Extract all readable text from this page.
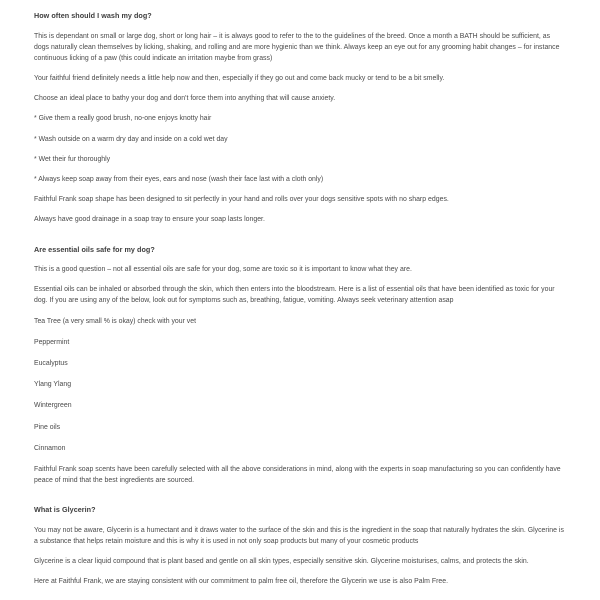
How often should I wash my dog?

This is dependant on small or large dog, short or long hair – it is always good to refer to the to the guidelines of the breed. Once a month a BATH should be sufficient, as dogs naturally clean themselves by licking, shaking, and rolling and are more hygienic than we think. Always keep an eye out for any grooming habit changes – for instance continuous licking of a paw (this could indicate an irritation maybe from grass)

Your faithful friend definitely needs a little help now and then, especially if they go out and come back mucky or tend to be a bit smelly.

Choose an ideal place to bathy your dog and don't force them into anything that will cause anxiety.

* Give them a really good brush, no-one enjoys knotty hair

* Wash outside on a warm dry day and inside on a cold wet day

* Wet their fur thoroughly

* Always keep soap away from their eyes, ears and nose (wash their face last with a cloth only)

Faithful Frank soap shape has been designed to sit perfectly in your hand and rolls over your dogs sensitive spots with no sharp edges.

Always have good drainage in a soap tray to ensure your soap lasts longer.

Are essential oils safe for my dog?

This is a good question – not all essential oils are safe for your dog, some are toxic so it is important to know what they are.

Essential oils can be inhaled or absorbed through the skin, which then enters into the bloodstream. Here is a list of essential oils that have been identified as toxic for your dog. If you are using any of the below, look out for symptoms such as, breathing, fatigue, vomiting. Always seek veterinary attention asap

Tea Tree (a very small % is okay) check with your vet

Peppermint

Eucalyptus

Ylang Ylang

Wintergreen

Pine oils

Cinnamon

Faithful Frank soap scents have been carefully selected with all the above considerations in mind, along with the experts in soap manufacturing so you can confidently have peace of mind that the best ingredients are sourced.

What is Glycerin?

You may not be aware, Glycerin is a humectant and it draws water to the surface of the skin and this is the ingredient in the soap that naturally hydrates the skin. Glycerine is a substance that helps retain moisture and this is why it is used in not only soap products but many of your cosmetic products

Glycerine is a clear liquid compound that is plant based and gentle on all skin types, especially sensitive skin. Glycerine moisturises, calms, and protects the skin.

Here at Faithful Frank, we are staying consistent with our commitment to palm free oil, therefore the Glycerin we use is also Palm Free.
